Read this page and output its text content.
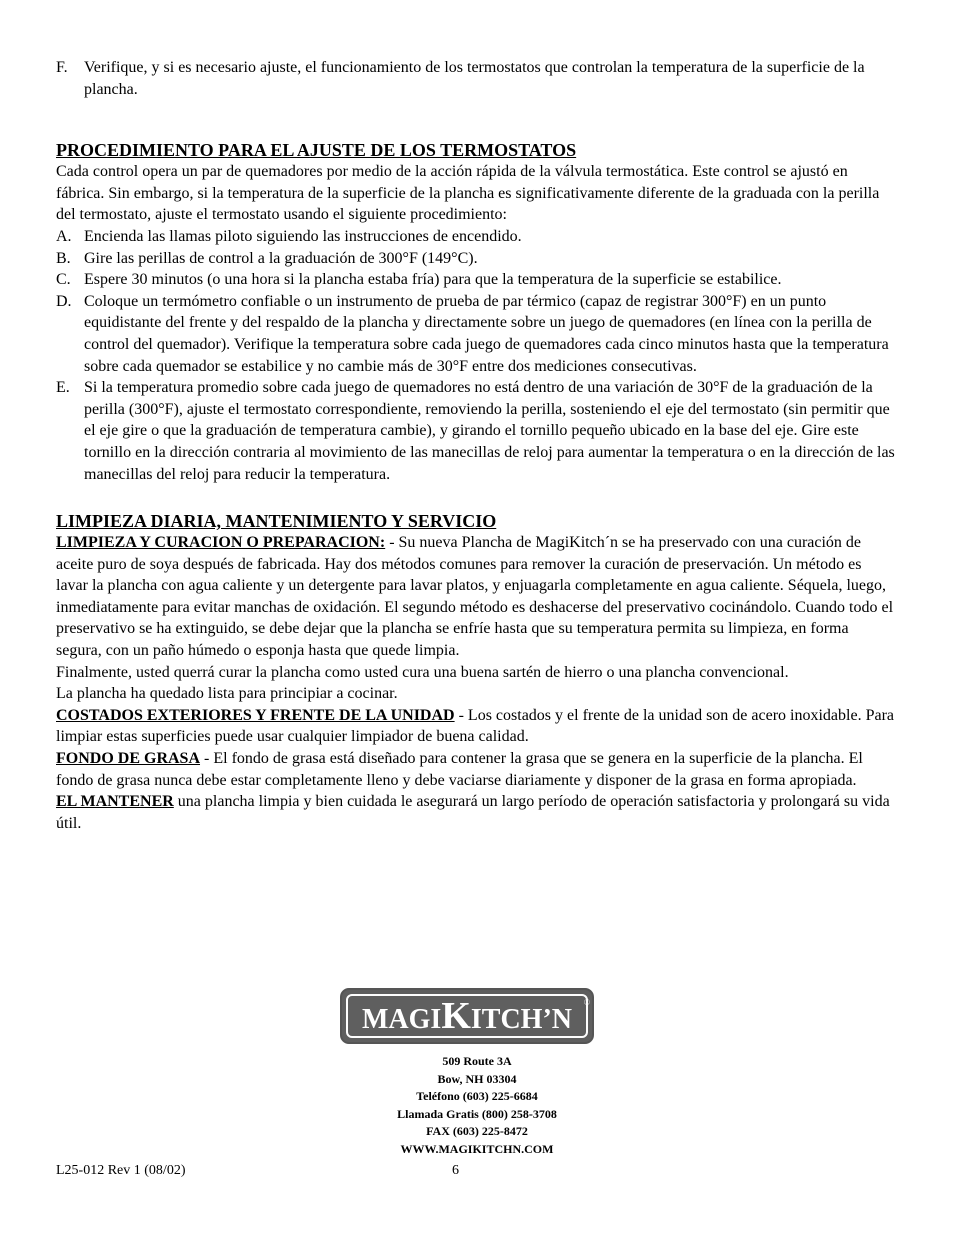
F.	Verifique, y si es necesario ajuste, el funcionamiento de los termostatos que controlan la temperatura de la superficie de la plancha.
PROCEDIMIENTO PARA EL AJUSTE DE LOS TERMOSTATOS

Cada control opera un par de quemadores por medio de la acción rápida de la válvula termostática. Este control se ajustó en fábrica. Sin embargo, si la temperatura de la superficie de la plancha es significativamente diferente de la graduada con la perilla del termostato, ajuste el termostato usando el siguiente procedimiento:

A. Encienda las llamas piloto siguiendo las instrucciones de encendido.
B. Gire las perillas de control a la graduación de 300°F (149°C).
C. Espere 30 minutos (o una hora si la plancha estaba fría) para que la temperatura de la superficie se estabilice.
D. Coloque un termómetro confiable o un instrumento de prueba de par térmico (capaz de registrar 300°F) en un punto equidistante del frente y del respaldo de la plancha y directamente sobre un juego de quemadores (en línea con la perilla de control del quemador). Verifique la temperatura sobre cada juego de quemadores cada cinco minutos hasta que la temperatura sobre cada quemador se estabilice y no cambie más de 30°F entre dos mediciones consecutivas.
E. Si la temperatura promedio sobre cada juego de quemadores no está dentro de una variación de 30°F de la graduación de la perilla (300°F), ajuste el termostato correspondiente, removiendo la perilla, sosteniendo el eje del termostato (sin permitir que el eje gire o que la graduación de temperatura cambie), y girando el tornillo pequeño ubicado en la base del eje. Gire este tornillo en la dirección contraria al movimiento de las manecillas de reloj para aumentar la temperatura o en la dirección de las manecillas del reloj para reducir la temperatura.
LIMPIEZA DIARIA, MANTENIMIENTO Y SERVICIO

LIMPIEZA Y CURACION O PREPARACION: - Su nueva Plancha de MagiKitch´n se ha preservado con una curación de aceite puro de soya después de fabricada. Hay dos métodos comunes para remover la curación de preservación. Un método es lavar la plancha con agua caliente y un detergente para lavar platos, y enjuagarla completamente en agua caliente. Séquela, luego, inmediatamente para evitar manchas de oxidación. El segundo método es deshacerse del preservativo cocinándolo. Cuando todo el preservativo se ha extinguido, se debe dejar que la plancha se enfríe hasta que su temperatura permita su limpieza, en forma segura, con un paño húmedo o esponja hasta que quede limpia.

Finalmente, usted querrá curar la plancha como usted cura una buena sartén de hierro o una plancha convencional.

La plancha ha quedado lista para principiar a cocinar.

COSTADOS EXTERIORES Y FRENTE DE LA UNIDAD - Los costados y el frente de la unidad son de acero inoxidable. Para limpiar estas superficies puede usar cualquier limpiador de buena calidad.

FONDO DE GRASA - El fondo de grasa está diseñado para contener la grasa que se genera en la superficie de la plancha. El fondo de grasa nunca debe estar completamente lleno y debe vaciarse diariamente y disponer de la grasa en forma apropiada.

EL MANTENER una plancha limpia y bien cuidada le asegurará un largo período de operación satisfactoria y prolongará su vida útil.

MAGIKITCH’N
®
509 Route 3A
Bow, NH 03304
Teléfono (603) 225-6684
Llamada Gratis (800) 258-3708
FAX (603) 225-8472
WWW.MAGIKITCHN.COM
L25-012 Rev 1 (08/02)	6
